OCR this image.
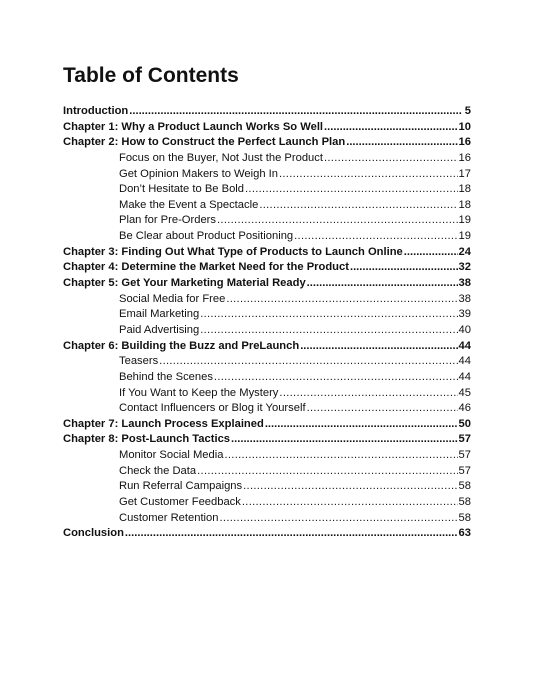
Table of Contents
Introduction .....	5
Chapter 1: Why a Product Launch Works So Well .....	10
Chapter 2: How to Construct the Perfect Launch Plan .....	16
Focus on the Buyer, Not Just the Product .....	16
Get Opinion Makers to Weigh In .....	17
Don’t Hesitate to Be Bold .....	18
Make the Event a Spectacle .....	18
Plan for Pre-Orders .....	19
Be Clear about Product Positioning .....	19
Chapter 3: Finding Out What Type of Products to Launch Online .....	24
Chapter 4: Determine the Market Need for the Product .....	32
Chapter 5: Get Your Marketing Material Ready .....	38
Social Media for Free .....	38
Email Marketing .....	39
Paid Advertising .....	40
Chapter 6: Building the Buzz and PreLaunch .....	44
Teasers .....	44
Behind the Scenes .....	44
If You Want to Keep the Mystery .....	45
Contact Influencers or Blog it Yourself .....	46
Chapter 7: Launch Process Explained .....	50
Chapter 8: Post-Launch Tactics .....	57
Monitor Social Media .....	57
Check the Data .....	57
Run Referral Campaigns .....	58
Get Customer Feedback .....	58
Customer Retention .....	58
Conclusion .....	63
